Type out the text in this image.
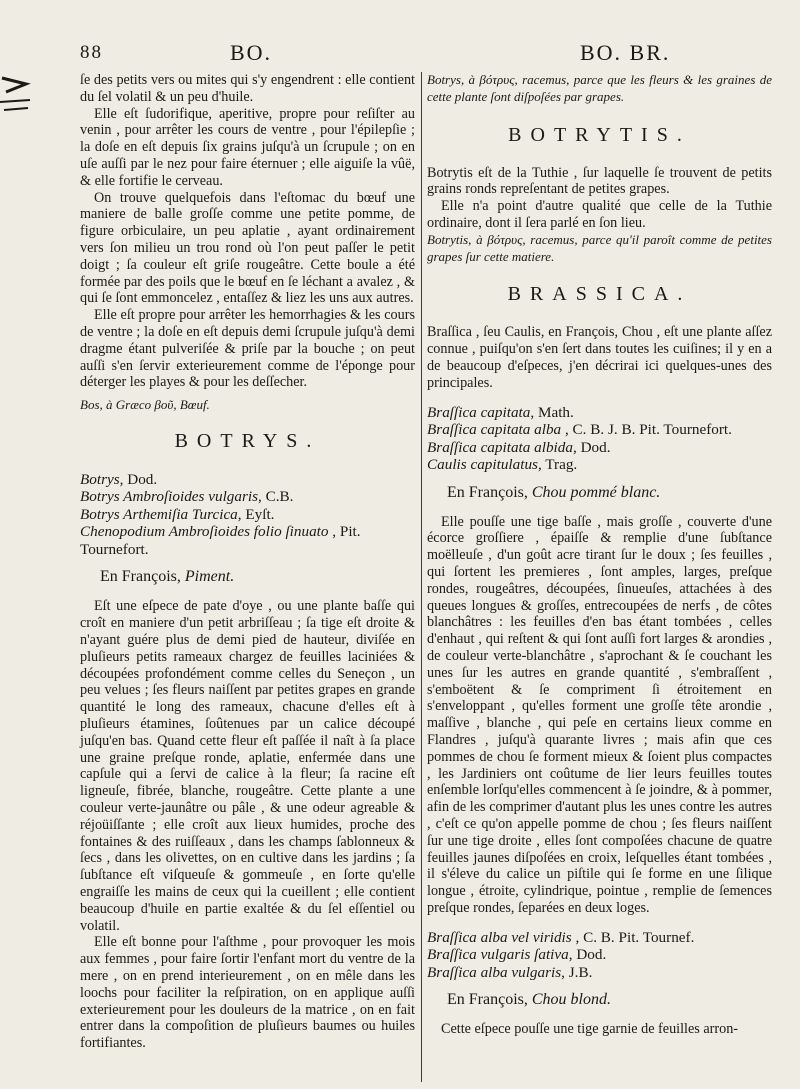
88	BO.	BO. BR.

ſe des petits vers ou mites qui s'y engendrent : elle contient du ſel volatil & un peu d'huile.

Elle eſt ſudorifique, aperitive, propre pour reſiſter au venin , pour arrêter les cours de ventre , pour l'épilepſie ; la doſe en eſt depuis ſix grains juſqu'à un ſcrupule ; on en uſe auſſi par le nez pour faire éternuer ; elle aiguiſe la vûë, & elle fortifie le cerveau.

On trouve quelquefois dans l'eſtomac du bœuf une maniere de balle groſſe comme une petite pomme, de figure orbiculaire, un peu aplatie , ayant ordinairement vers ſon milieu un trou rond où l'on peut paſſer le petit doigt ; ſa couleur eſt griſe rougeâtre. Cette boule a été formée par des poils que le bœuf en ſe léchant a avalez , & qui ſe ſont emmoncelez , entaſſez & liez les uns aux autres.

Elle eſt propre pour arrêter les hemorrhagies & les cours de ventre ; la doſe en eſt depuis demi ſcrupule juſqu'à demi dragme étant pulveriſée & priſe par la bouche ; on peut auſſi s'en ſervir exterieurement comme de l'éponge pour déterger les playes & pour les deſſecher.

Bos, à Græco βοῦ, Bœuf.

BOTRYS.
Botrys, Dod.
Botrys Ambroſioides vulgaris, C.B.
Botrys Arthemiſia Turcica, Eyſt.
Chenopodium Ambroſioides folio ſinuato , Pit. Tournefort.
En François, Piment.

Eſt une eſpece de pate d'oye , ou une plante baſſe qui croît en maniere d'un petit arbriſſeau ; ſa tige eſt droite & n'ayant guére plus de demi pied de hauteur, diviſée en pluſieurs petits rameaux chargez de feuilles laciniées & découpées profondément comme celles du Seneçon , un peu velues ; ſes fleurs naiſſent par petites grapes en grande quantité le long des rameaux, chacune d'elles eſt à pluſieurs étamines, ſoûtenues par un calice découpé juſqu'en bas. Quand cette fleur eſt paſſée il naît à ſa place une graine preſque ronde, aplatie, enfermée dans une capſule qui a ſervi de calice à la fleur; ſa racine eſt ligneuſe, fibrée, blanche, rougeâtre. Cette plante a une couleur verte-jaunâtre ou pâle , & une odeur agreable & réjoüiſſante ; elle croît aux lieux humides, proche des fontaines & des ruiſſeaux , dans les champs ſablonneux & ſecs , dans les olivettes, on en cultive dans les jardins ; ſa ſubſtance eſt viſqueuſe & gommeuſe , en ſorte qu'elle engraiſſe les mains de ceux qui la cueillent ; elle contient beaucoup d'huile en partie exaltée & du ſel eſſentiel ou volatil.

Elle eſt bonne pour l'aſthme , pour provoquer les mois aux femmes , pour faire ſortir l'enfant mort du ventre de la mere , on en prend interieurement , on en mêle dans les loochs pour faciliter la reſpiration, on en applique auſſi exterieurement pour les douleurs de la matrice , on en fait entrer dans la compoſition de pluſieurs baumes ou huiles fortifiantes.

Botrys, à βότρυς, racemus, parce que les fleurs & les graines de cette plante ſont diſpoſées par grapes.

BOTRYTIS.

Botrytis eſt de la Tuthie , ſur laquelle ſe trouvent de petits grains ronds repreſentant de petites grapes.

Elle n'a point d'autre qualité que celle de la Tuthie ordinaire, dont il ſera parlé en ſon lieu.

Botrytis, à βότρυς, racemus, parce qu'il paroît comme de petites grapes ſur cette matiere.

BRASSICA.

Braſſica , ſeu Caulis, en François, Chou , eſt une plante aſſez connue , puiſqu'on s'en ſert dans toutes les cuiſines; il y en a de beaucoup d'eſpeces, j'en décrirai ici quelques-unes des principales.

Braſſica capitata, Math.
Braſſica capitata alba , C. B. J. B. Pit. Tournefort.
Braſſica capitata albida, Dod.
Caulis capitulatus, Trag.
En François, Chou pommé blanc.

Elle pouſſe une tige baſſe , mais groſſe , couverte d'une écorce groſſiere , épaiſſe & remplie d'une ſubſtance moëlleuſe , d'un goût acre tirant ſur le doux ; ſes feuilles , qui ſortent les premieres , ſont amples, larges, preſque rondes, rougeâtres, découpées, ſinueuſes, attachées à des queues longues & groſſes, entrecoupées de nerfs , de côtes blanchâtres : les feuilles d'en bas étant tombées , celles d'enhaut , qui reſtent & qui ſont auſſi fort larges & arondies , de couleur verte-blanchâtre , s'aprochant & ſe couchant les unes ſur les autres en grande quantité , s'embraſſent , s'emboëtent & ſe compriment ſi étroitement en s'enveloppant , qu'elles forment une groſſe tête arondie , maſſive , blanche , qui peſe en certains lieux comme en Flandres , juſqu'à quarante livres ; mais afin que ces pommes de chou ſe forment mieux & ſoient plus compactes , les Jardiniers ont coûtume de lier leurs feuilles toutes enſemble lorſqu'elles commencent à ſe joindre, & à pommer, afin de les comprimer d'autant plus les unes contre les autres , c'eſt ce qu'on appelle pomme de chou ; ſes fleurs naiſſent ſur une tige droite , elles ſont compoſées chacune de quatre feuilles jaunes diſpoſées en croix, leſquelles étant tombées , il s'éleve du calice un piſtile qui ſe forme en une ſilique longue , étroite, cylindrique, pointue , remplie de ſemences preſque rondes, ſeparées en deux loges.

Braſſica alba vel viridis , C. B. Pit. Tournef.
Braſſica vulgaris ſativa, Dod.
Braſſica alba vulgaris, J.B.
En François, Chou blond.

Cette eſpece pouſſe une tige garnie de feuilles arron-
